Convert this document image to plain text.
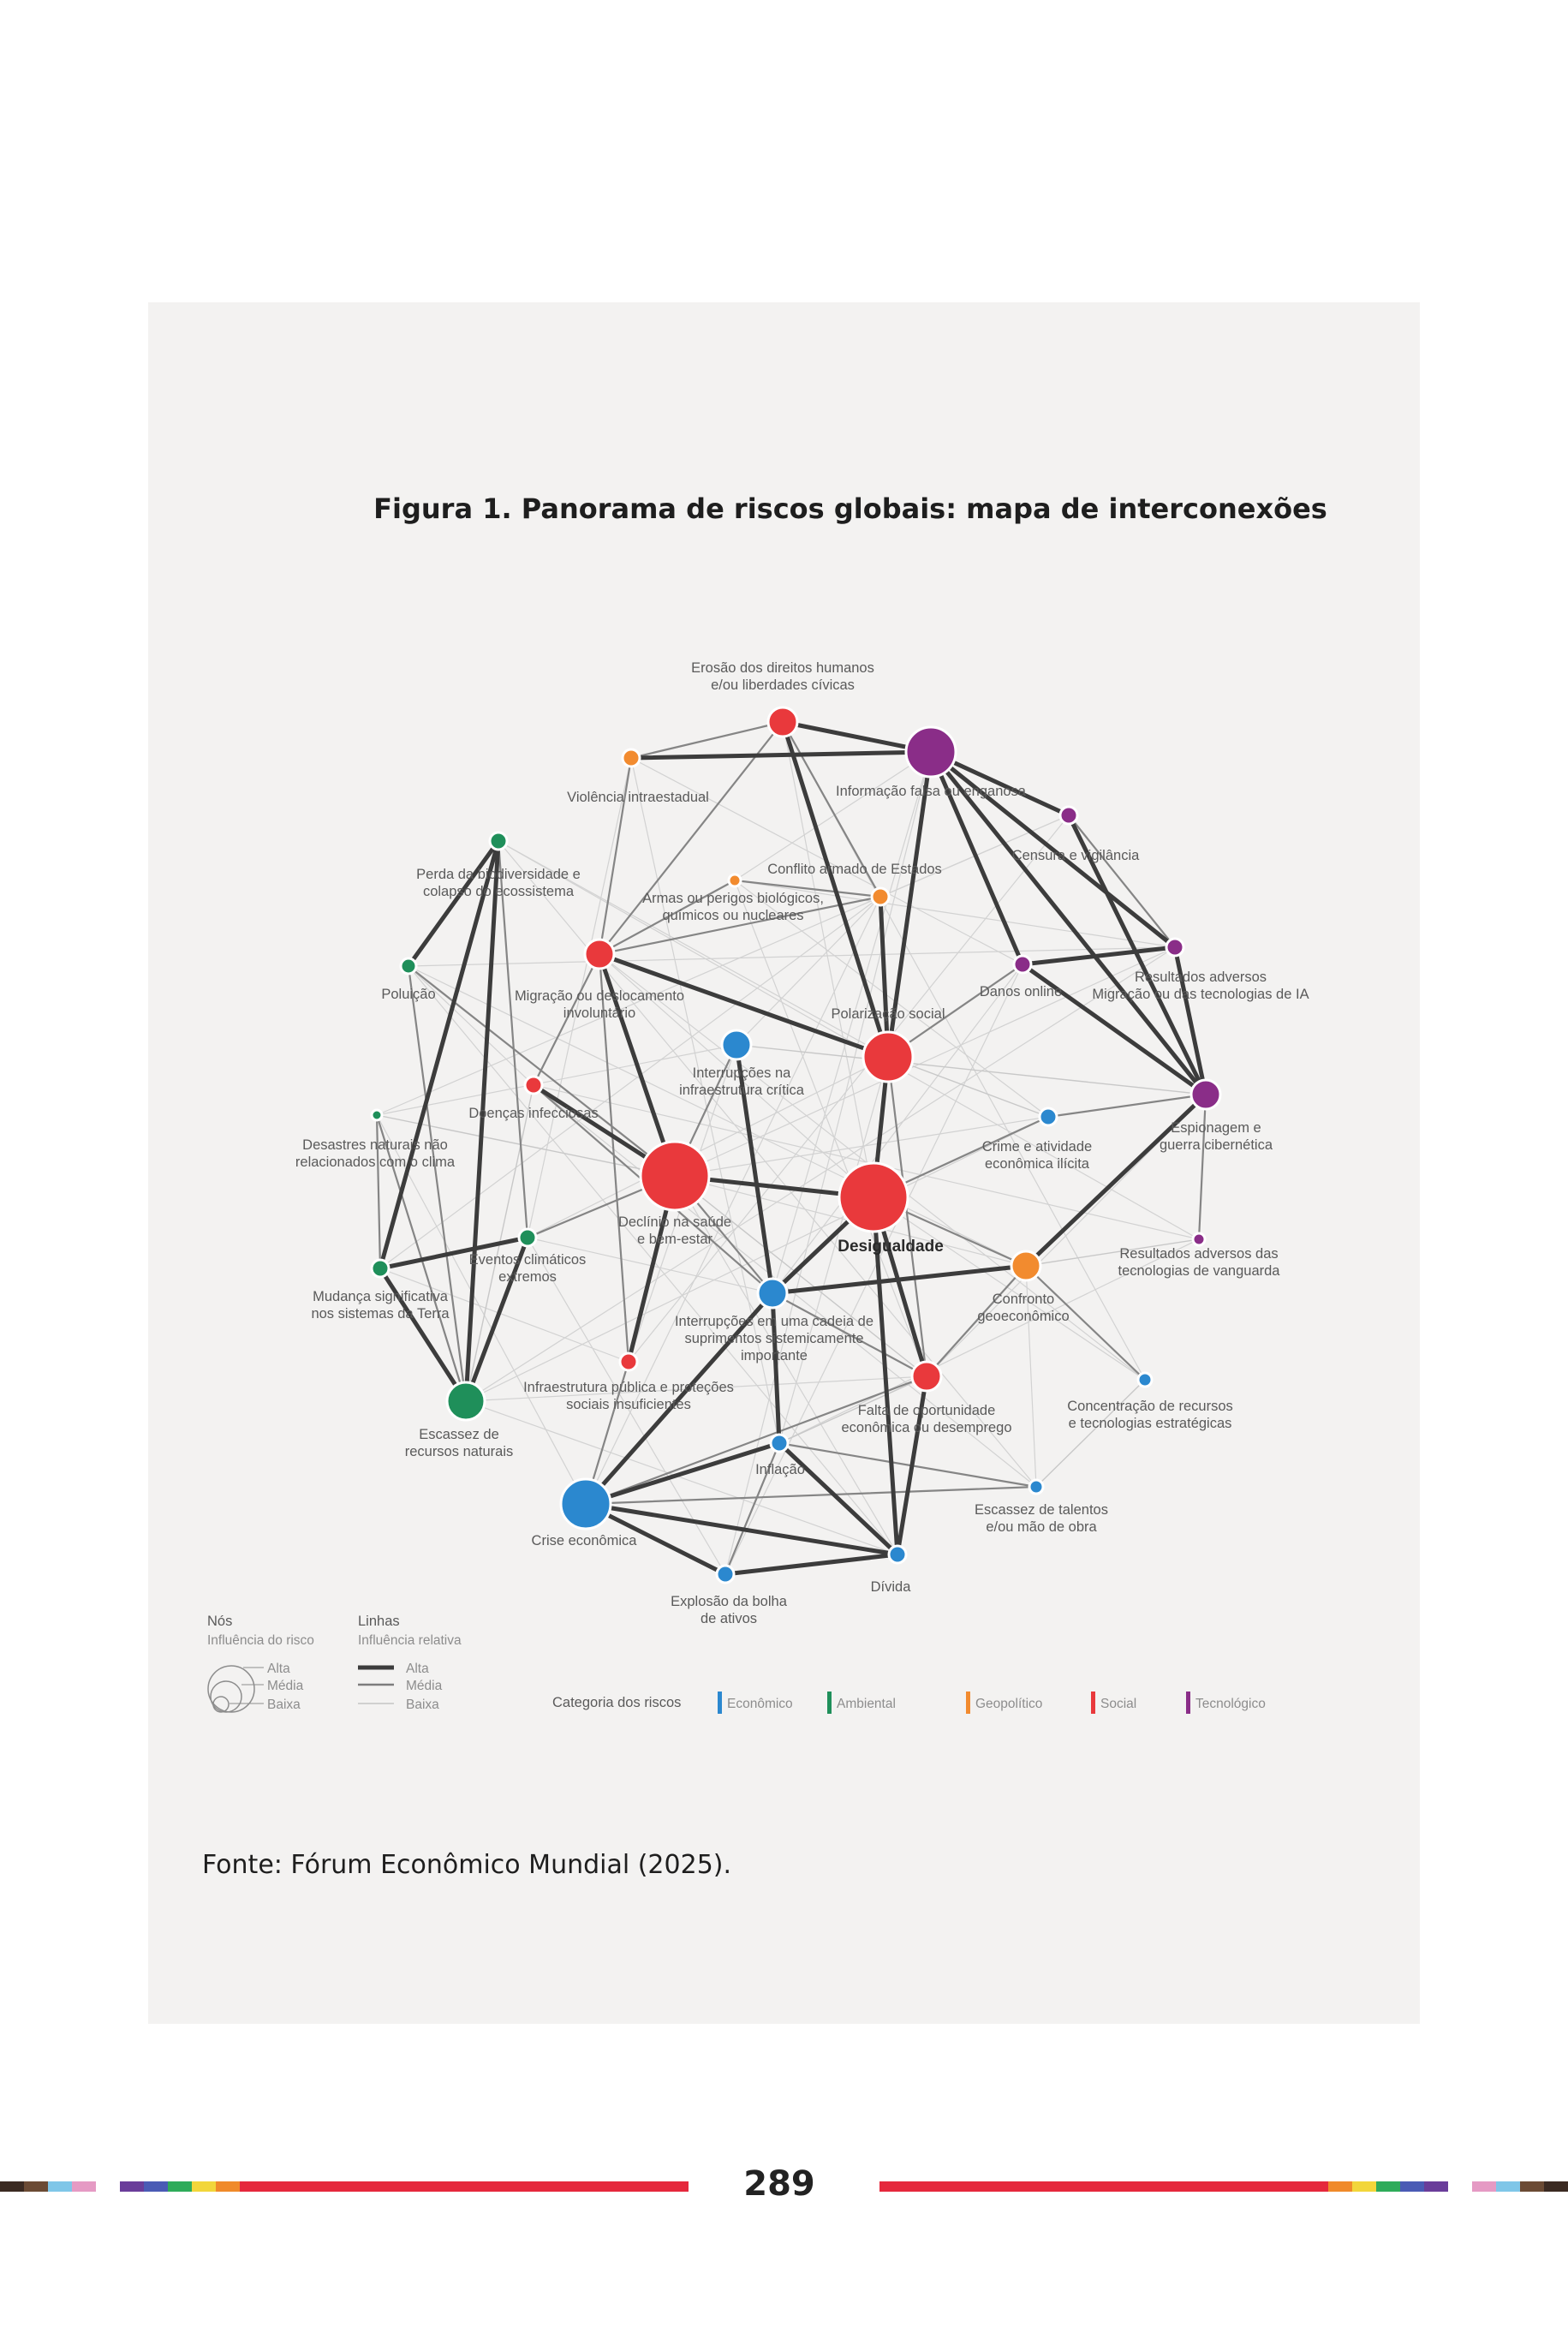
Figura 1. Panorama de riscos globais: mapa de interconexões
Erosão dos direitos humanos e/ou liberdades cívicas
Informação falsa ou enganosa
Violência intraestadual
Censura e vigilância
Perda da biodiversidade e colapso do ecossistema	Armas ou perigos biológicos, químicos ou nucleares
Conflito armado de Estados
Resultados adversos Migração ou das tecnologias de IA
Poluição	Migração ou deslocamento involuntário
Danos online
Polarização social
Interrupções na infraestrutura crítica
Doenças infecciosas
Espionagem e guerra cibernética
Desastres naturais não relacionados com o clima
Crime e atividade econômica ilícita
Declínio na saúde e bem-estar	Desigualdade
Eventos climáticos extremos
Resultados adversos das tecnologias de vanguarda
Mudança significativa nos sistemas da Terra
Confronto geoeconômico
Interrupções em uma cadeia de suprimentos sistemicamente importante
Infraestrutura pública e proteções sociais insuficientes	Falta de oportunidade econômica ou desemprego
Escassez de recursos naturais
Concentração de recursos e tecnologias estratégicas
Inflação
Escassez de talentos e/ou mão de obra
Crise econômica
Dívida
Explosão da bolha de ativos
Nós
Influência do risco
Alta
Média
Baixa
Linhas
Influência relativa
Alta
Média
Baixa	Categoria dos riscos	Econômico	Ambiental	Geopolítico	Social	Tecnológico
Fonte: Fórum Econômico Mundial (2025).
289
